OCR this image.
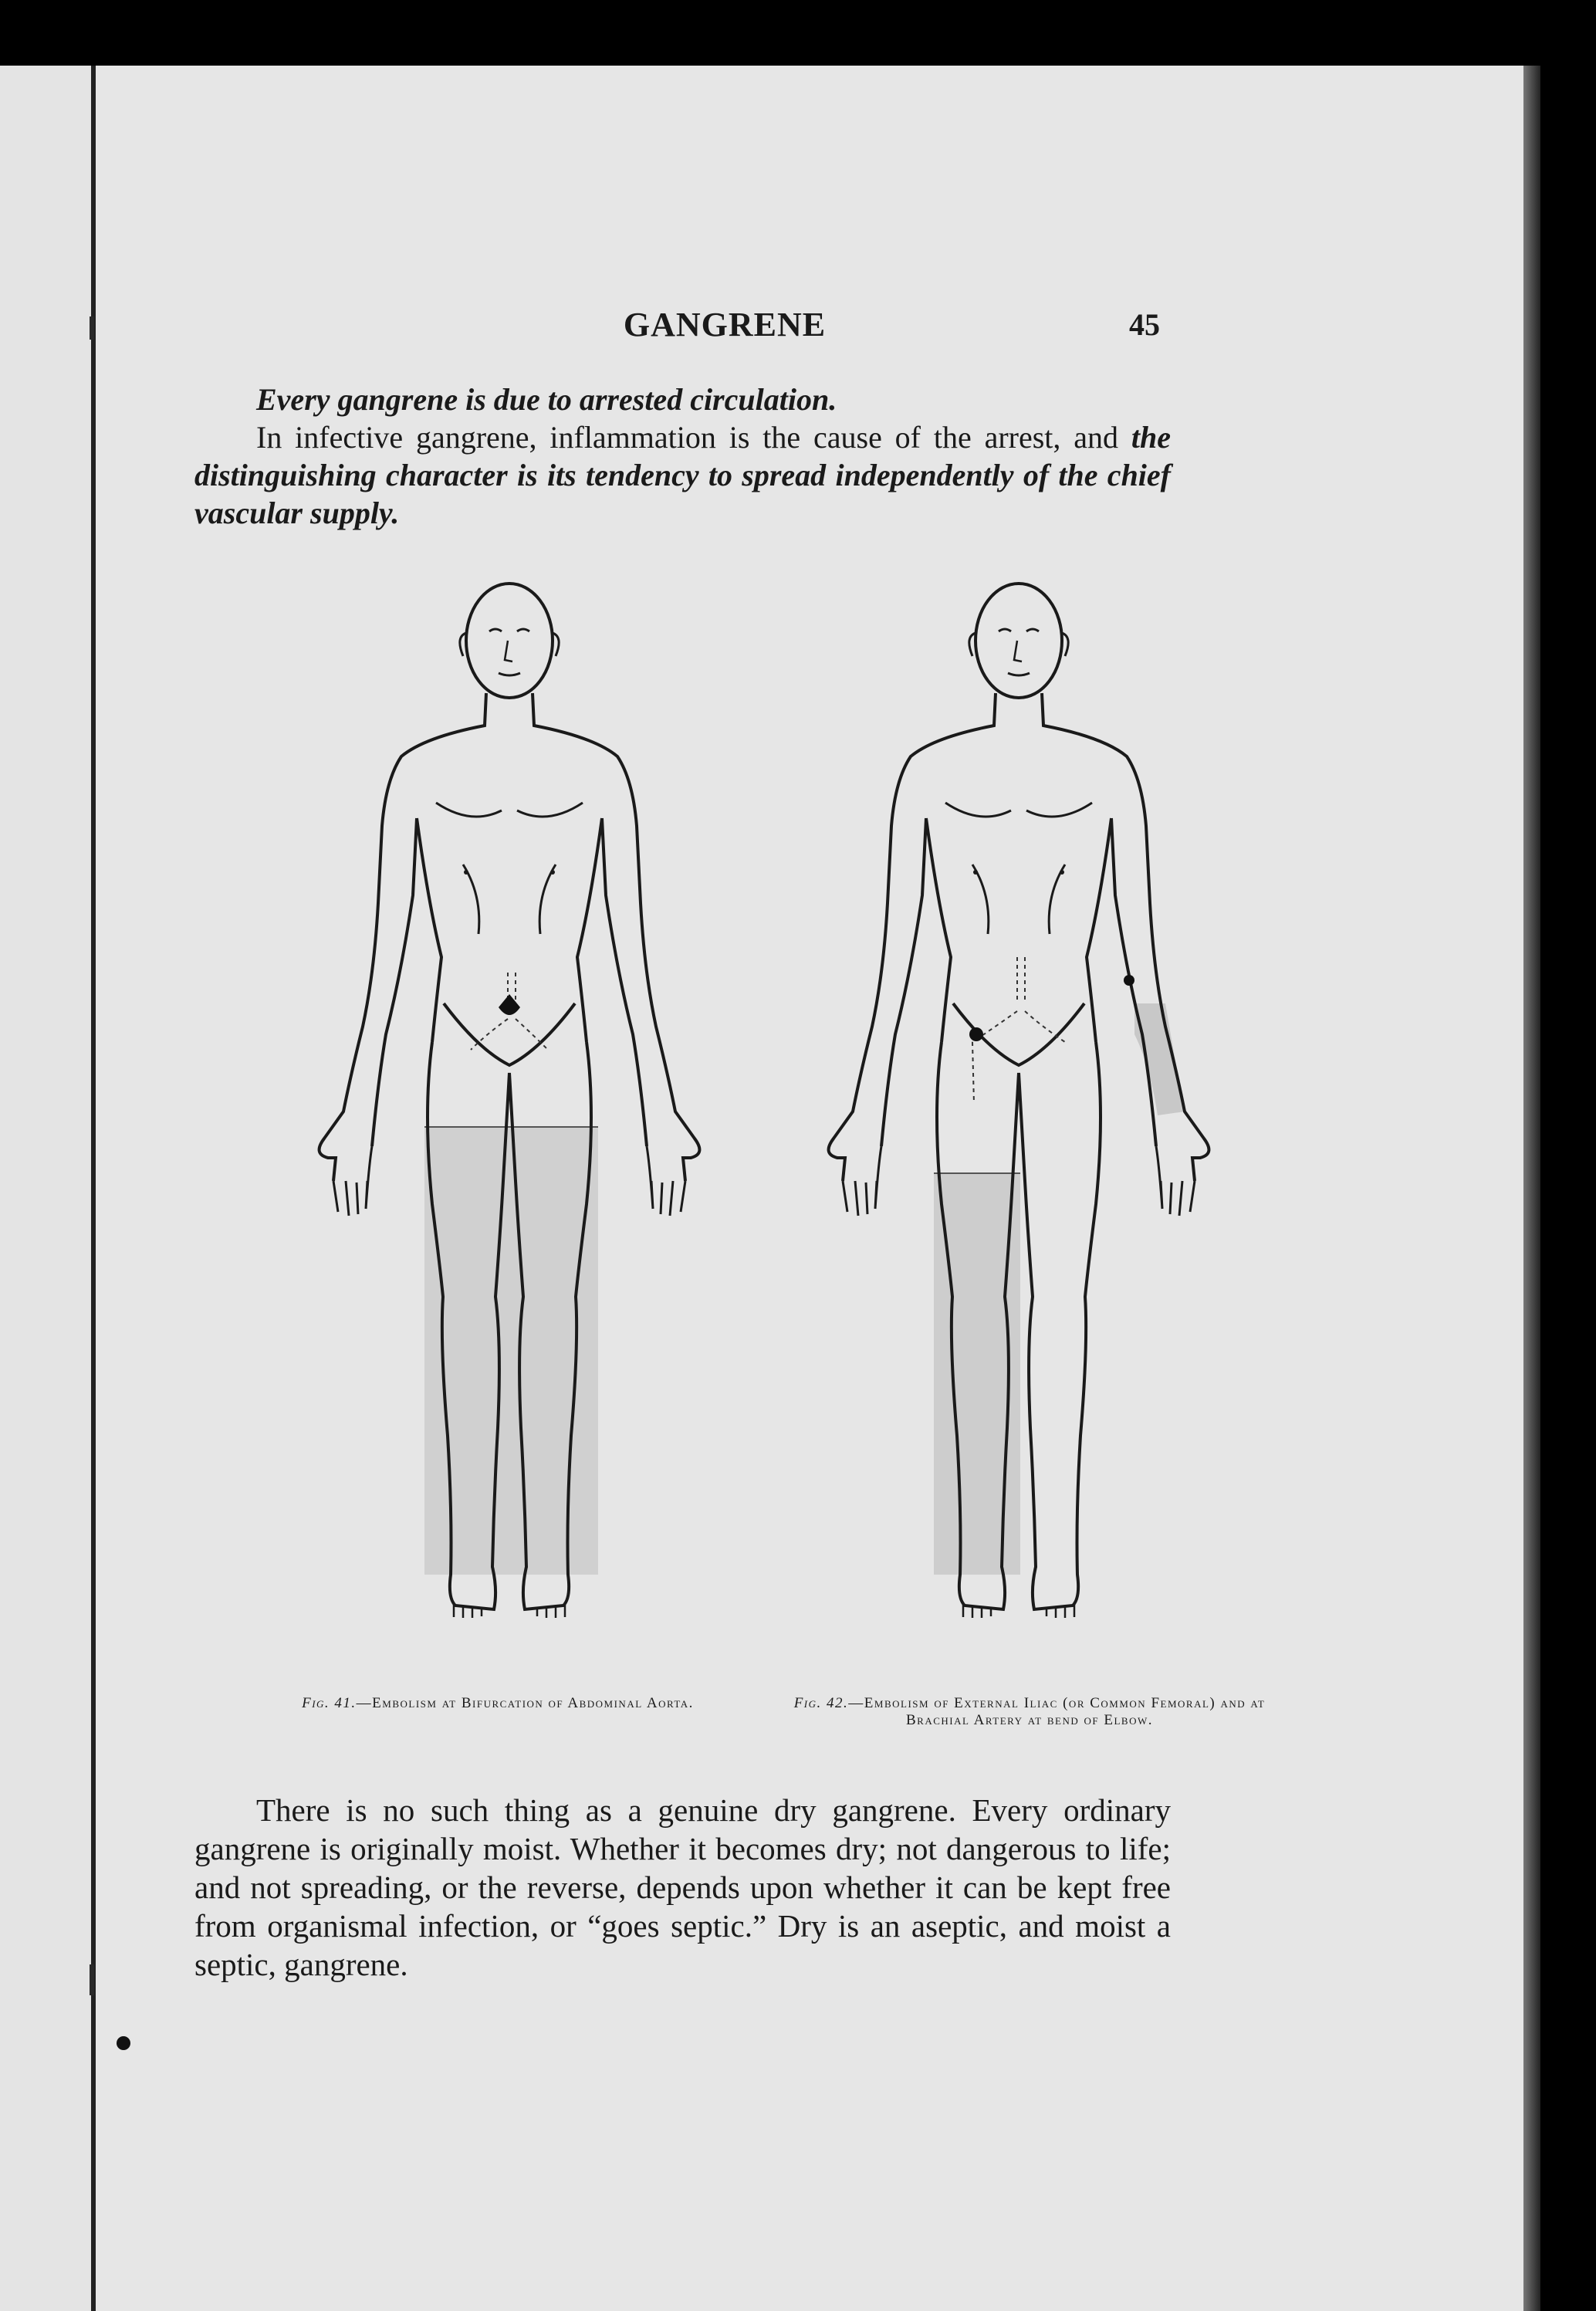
GANGRENE	45

Every gangrene is due to arrested circulation.

In infective gangrene, inflammation is the cause of the arrest, and the distinguishing character is its tendency to spread independently of the chief vascular supply.

Fig. 41.—Embolism at Bifurcation of Abdominal Aorta.	Fig. 42.—Embolism of External Iliac (or Common Femoral) and at Brachial Artery at bend of Elbow.

There is no such thing as a genuine dry gangrene. Every ordinary gangrene is originally moist. Whether it becomes dry; not dangerous to life; and not spreading, or the reverse, depends upon whether it can be kept free from organismal infection, or “goes septic.” Dry is an aseptic, and moist a septic, gangrene.
